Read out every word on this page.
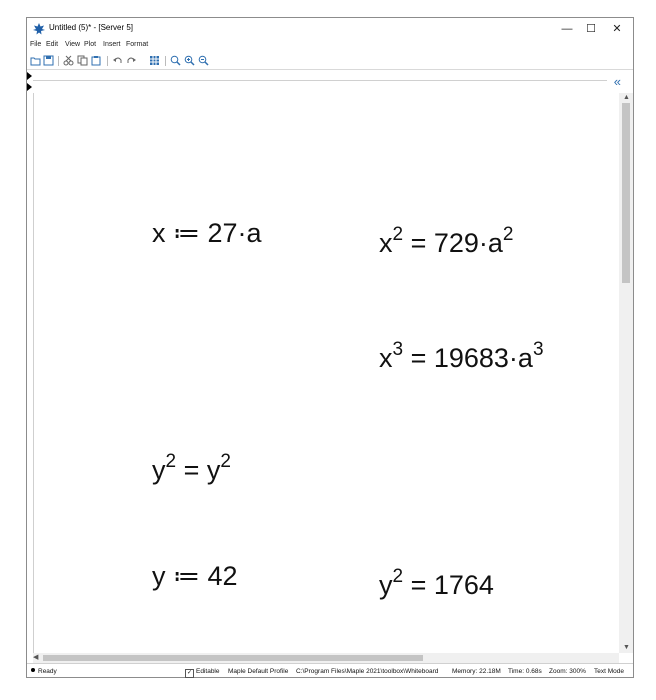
Untitled (5)* - [Server 5]	— ☐	✕
File Edit View Plot Insert Format
«
x ≔ 27·a	$x^2 = 729\cdot a^2$
$x^3 = 19683\cdot a^3$
$y^2 = y^2$
y ≔ 42	$y^2 = 1764$
▲
▼
◀
Ready	✓ Editable Maple Default Profile C:\Program Files\Maple 2021\toolbox\Whiteboard Memory: 22.18M Time: 0.68s Zoom: 300% Text Mode
